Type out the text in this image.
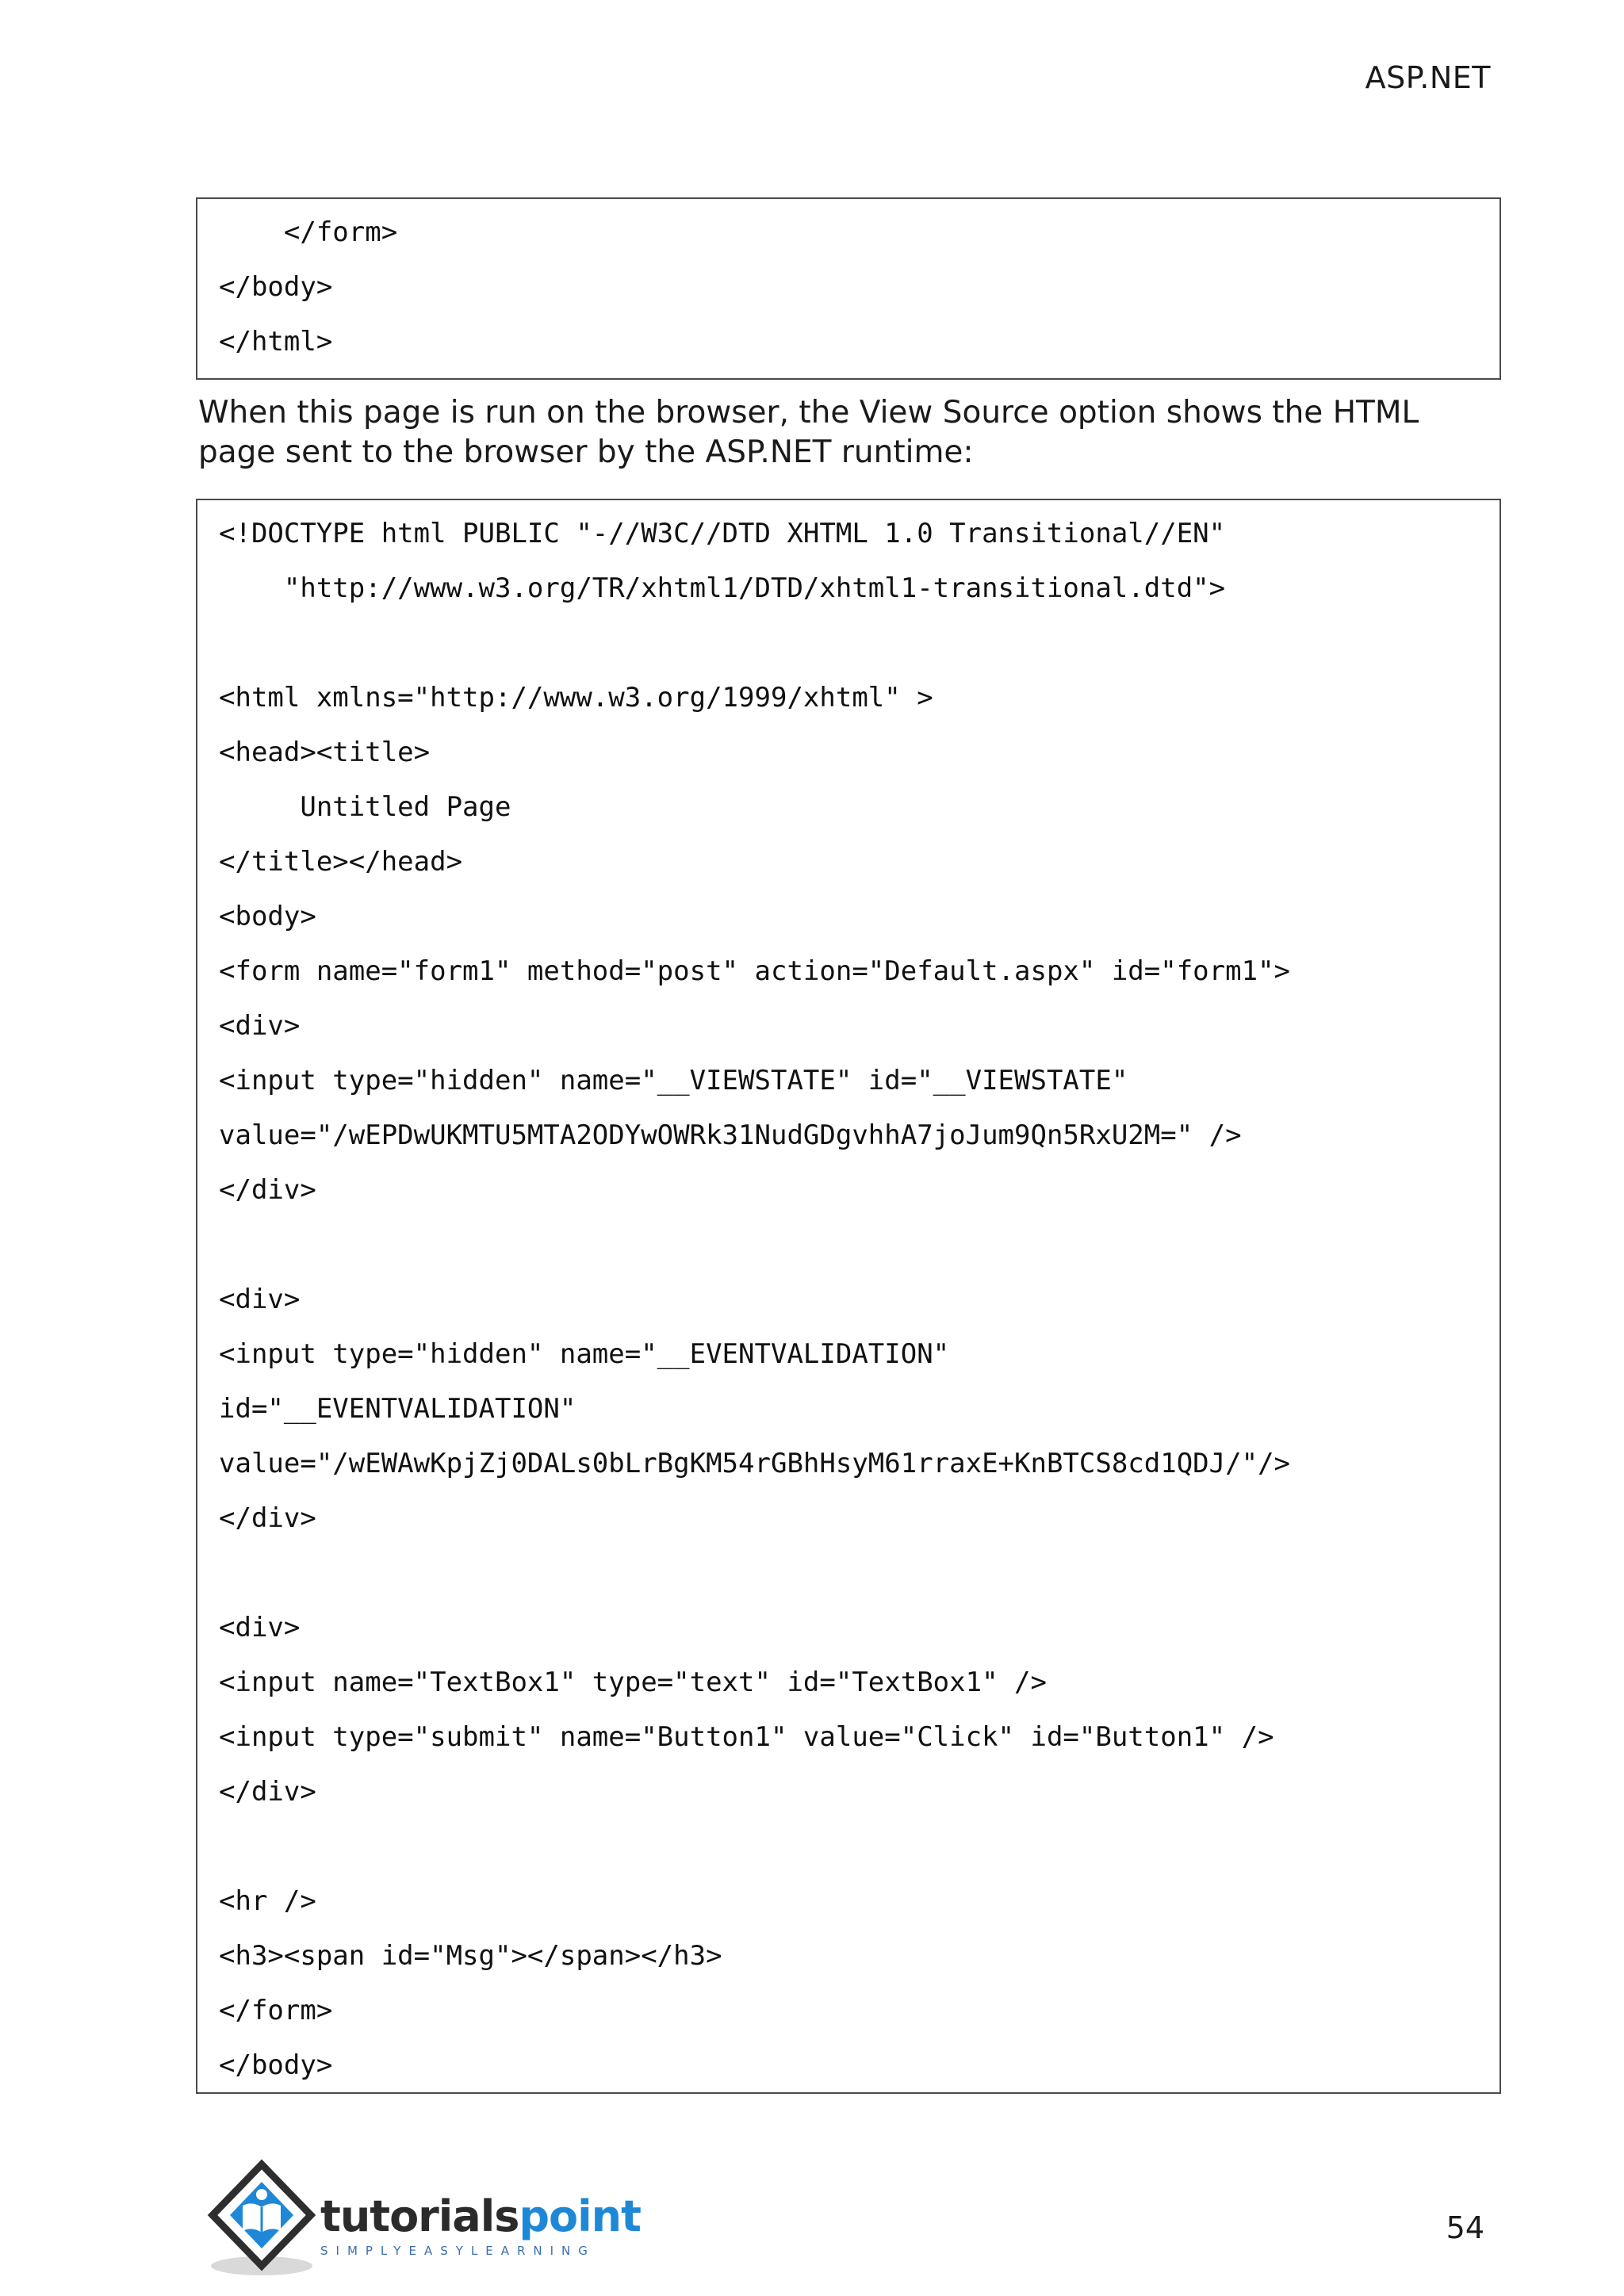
ASP.NET
</form>
</body>
</html>

When this page is run on the browser, the View Source option shows the HTML page sent to the browser by the ASP.NET runtime:

<!DOCTYPE html PUBLIC "-//W3C//DTD XHTML 1.0 Transitional//EN"
"http://www.w3.org/TR/xhtml1/DTD/xhtml1-transitional.dtd">
<html xmlns="http://www.w3.org/1999/xhtml" >
<head><title>
Untitled Page
</title></head>
<body>
<form name="form1" method="post" action="Default.aspx" id="form1">
<div>
<input type="hidden" name="__VIEWSTATE" id="__VIEWSTATE"
value="/wEPDwUKMTU5MTA2ODYwOWRk31NudGDgvhhA7joJum9Qn5RxU2M=" />
</div>
<div>
<input type="hidden" name="__EVENTVALIDATION"
id="__EVENTVALIDATION"
value="/wEWAwKpjZj0DALs0bLrBgKM54rGBhHsyM61rraxE+KnBTCS8cd1QDJ/"/>
</div>
<div>
<input name="TextBox1" type="text" id="TextBox1" />
<input type="submit" name="Button1" value="Click" id="Button1" />
</div>
<hr />
<h3><span id="Msg"></span></h3>
</form>
</body>
tutorialspoint
SIMPLYEASYLEARNING
54
